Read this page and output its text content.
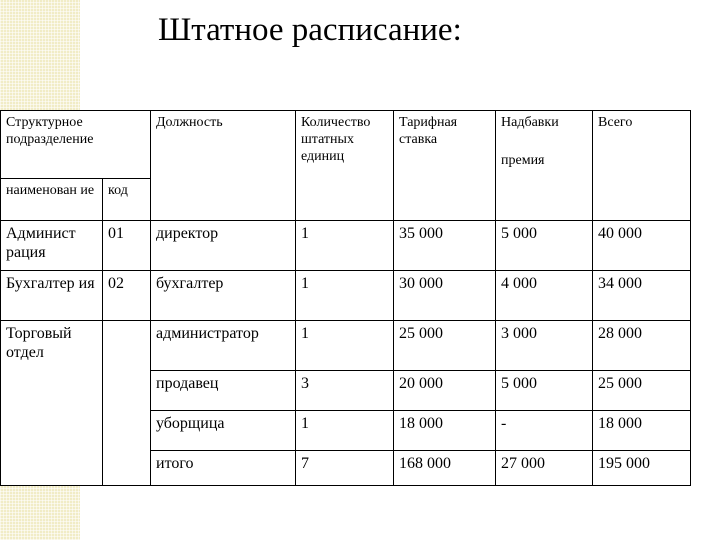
Штатное расписание:
Структурное подразделение		Должность	Количество штатных единиц	Тарифная ставка	Надбавки	Всего
					премия	
наименован ие	код					
Админист рация	01	директор	1	35 000	5 000	40 000
Бухгалтер ия	02	бухгалтер	1	30 000	4 000	34 000
Торговый отдел		администратор	1	25 000	3 000	28 000
		продавец	3	20 000	5 000	25 000
		уборщица	1	18 000	-	18 000
		итого	7	168 000	27 000	195 000
